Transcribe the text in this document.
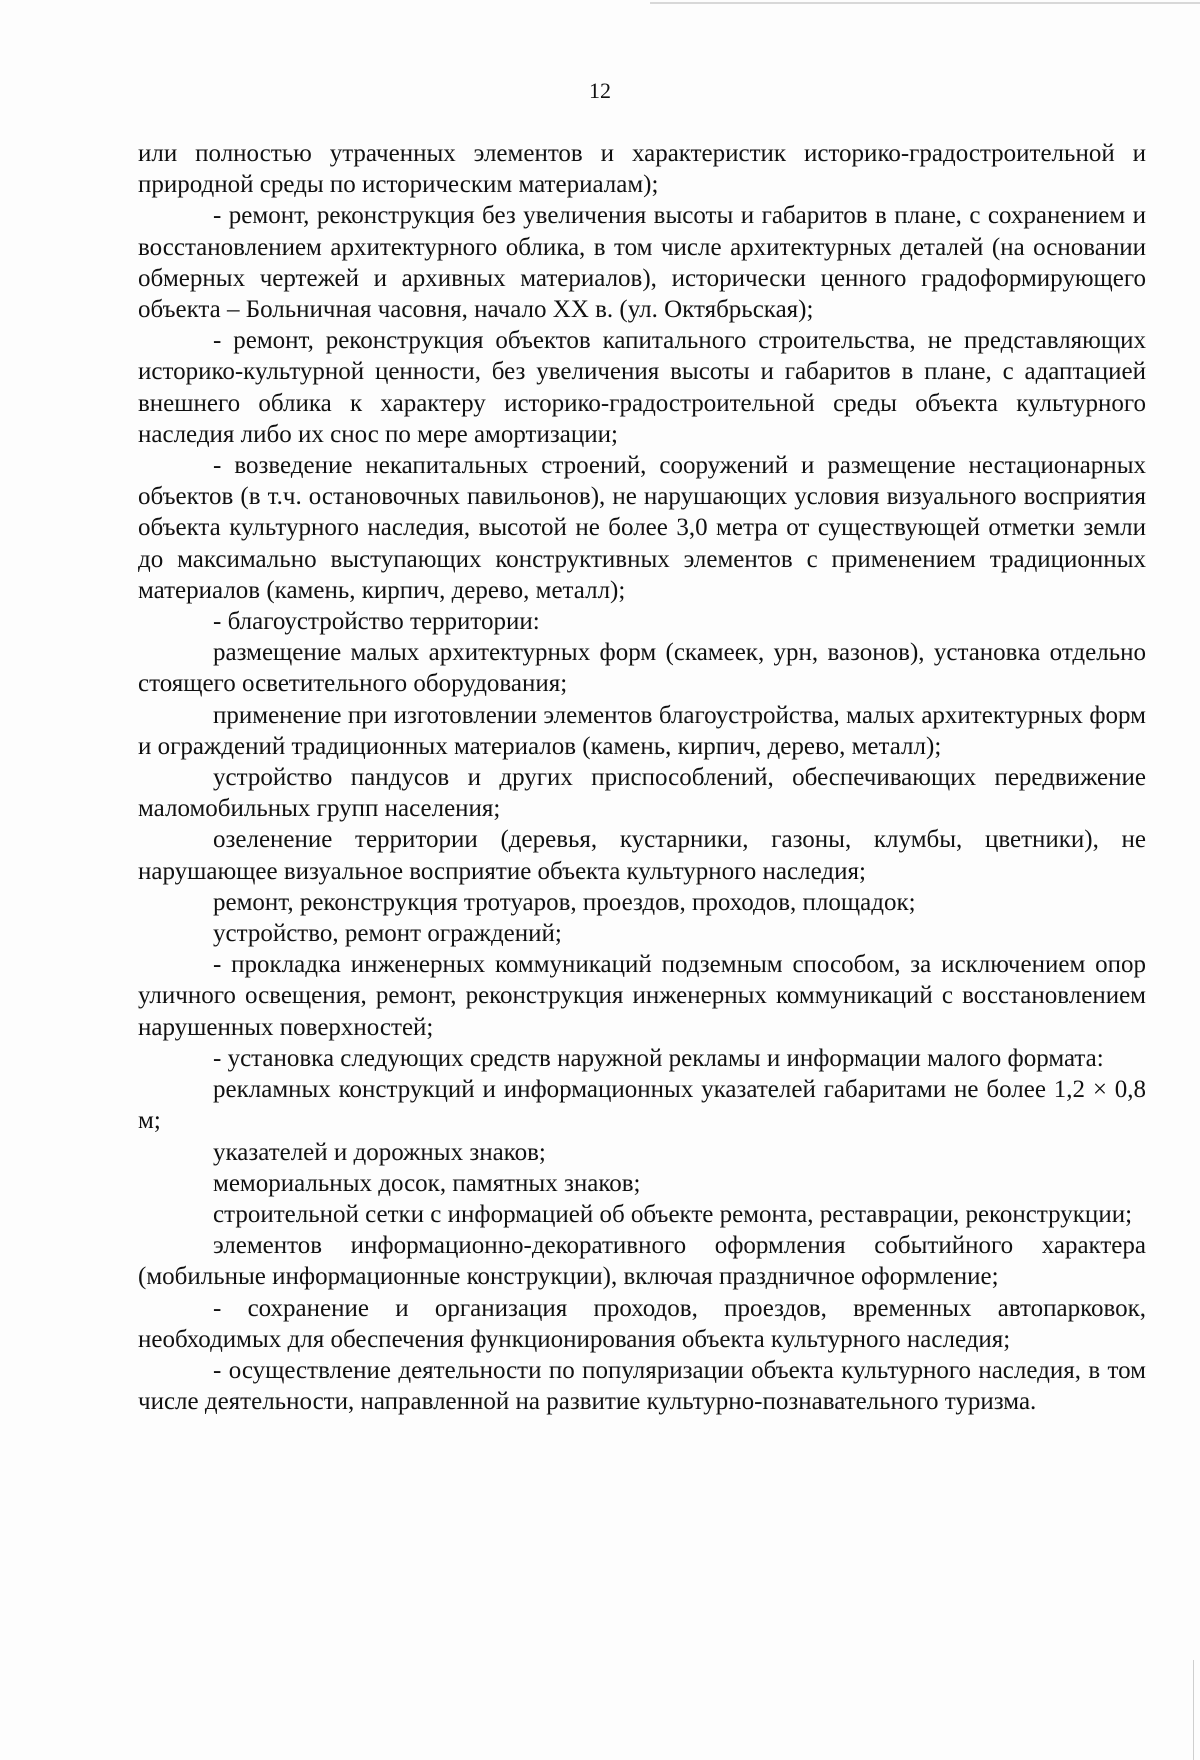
12

или полностью утраченных элементов и характеристик историко-градостроительной и природной среды по историческим материалам);

- ремонт, реконструкция без увеличения высоты и габаритов в плане, с сохранением и восстановлением архитектурного облика, в том числе архитектурных деталей (на основании обмерных чертежей и архивных материалов), исторически ценного градоформирующего объекта – Больничная часовня, начало XX в. (ул. Октябрьская);

- ремонт, реконструкция объектов капитального строительства, не представляющих историко-культурной ценности, без увеличения высоты и габаритов в плане, с адаптацией внешнего облика к характеру историко-градостроительной среды объекта культурного наследия либо их снос по мере амортизации;

- возведение некапитальных строений, сооружений и размещение нестационарных объектов (в т.ч. остановочных павильонов), не нарушающих условия визуального восприятия объекта культурного наследия, высотой не более 3,0 метра от существующей отметки земли до максимально выступающих конструктивных элементов с применением традиционных материалов (камень, кирпич, дерево, металл);

- благоустройство территории:

размещение малых архитектурных форм (скамеек, урн, вазонов), установка отдельно стоящего осветительного оборудования;

применение при изготовлении элементов благоустройства, малых архитектурных форм и ограждений традиционных материалов (камень, кирпич, дерево, металл);

устройство пандусов и других приспособлений, обеспечивающих передвижение маломобильных групп населения;

озеленение территории (деревья, кустарники, газоны, клумбы, цветники), не нарушающее визуальное восприятие объекта культурного наследия;

ремонт, реконструкция тротуаров, проездов, проходов, площадок;

устройство, ремонт ограждений;

- прокладка инженерных коммуникаций подземным способом, за исключением опор уличного освещения, ремонт, реконструкция инженерных коммуникаций с восстановлением нарушенных поверхностей;

- установка следующих средств наружной рекламы и информации малого формата:

рекламных конструкций и информационных указателей габаритами не более 1,2 × 0,8 м;

указателей и дорожных знаков;

мемориальных досок, памятных знаков;

строительной сетки с информацией об объекте ремонта, реставрации, реконструкции;

элементов информационно-декоративного оформления событийного характера (мобильные информационные конструкции), включая праздничное оформление;

- сохранение и организация проходов, проездов, временных автопарковок, необходимых для обеспечения функционирования объекта культурного наследия;

- осуществление деятельности по популяризации объекта культурного наследия, в том числе деятельности, направленной на развитие культурно-познавательного туризма.
